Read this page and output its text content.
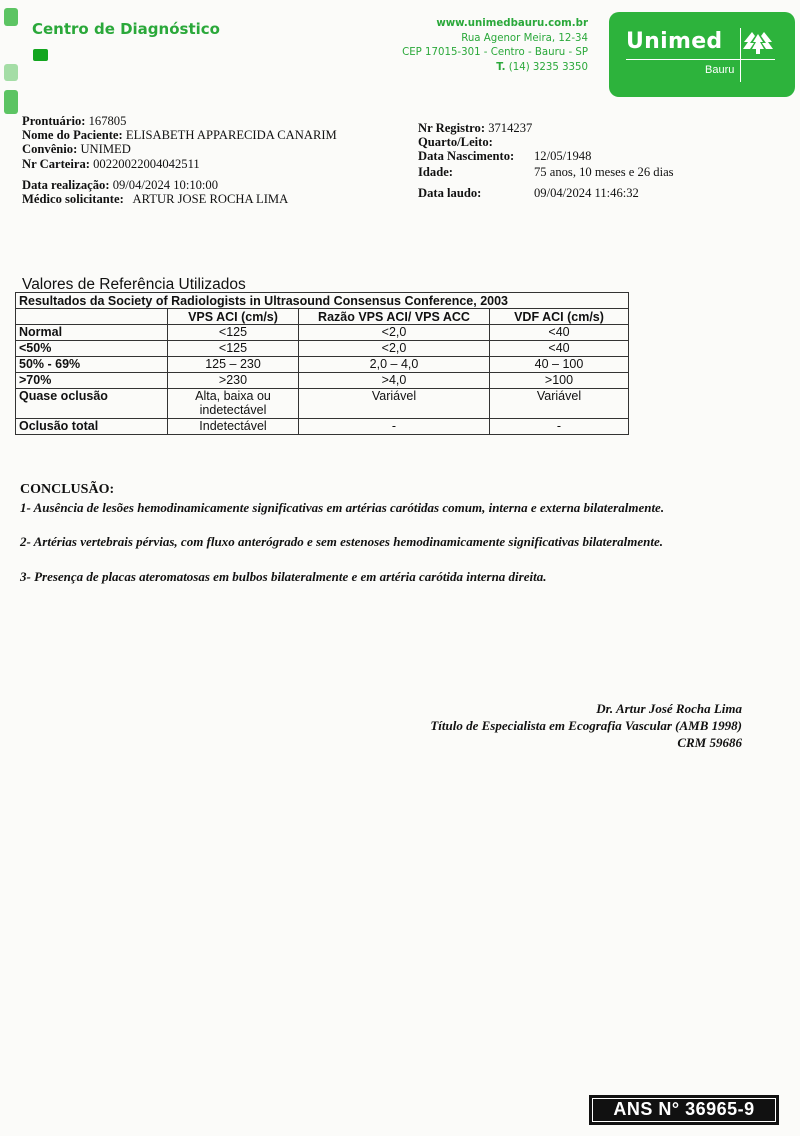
Centro de Diagnóstico	www.unimedbauru.com.br
Rua Agenor Meira, 12-34
CEP 17015-301 - Centro - Bauru - SP
T. (14) 3235 3350
Unimed
Bauru
Prontuário: 167805
Nome do Paciente: ELISABETH APPARECIDA CANARIM
Convênio: UNIMED
Nr Carteira: 00220022004042511
Data realização: 09/04/2024 10:10:00
Médico solicitante: ARTUR JOSE ROCHA LIMA
Nr Registro: 3714237
Quarto/Leito:
Data Nascimento: 12/05/1948
Idade:	75 anos, 10 meses e 26 dias
Data laudo:	09/04/2024 11:46:32
Valores de Referência Utilizados
Resultados da Society of Radiologists in Ultrasound Consensus Conference, 2003			
	VPS ACI (cm/s)	Razão VPS ACI/ VPS ACC	VDF ACI (cm/s)
Normal	<125	<2,0	<40
<50%	<125	<2,0	<40
50% - 69%	125 – 230	2,0 – 4,0	40 – 100
>70%	>230	>4,0	>100
Quase oclusão	Alta, baixa ou indetectável	Variável	Variável
Oclusão total	Indetectável	-	-
CONCLUSÃO:
1- Ausência de lesões hemodinamicamente significativas em artérias carótidas comum, interna e externa bilateralmente.
2- Artérias vertebrais pérvias, com fluxo anterógrado e sem estenoses hemodinamicamente significativas bilateralmente.
3- Presença de placas ateromatosas em bulbos bilateralmente e em artéria carótida interna direita.
Dr. Artur José Rocha Lima
Título de Especialista em Ecografia Vascular (AMB 1998)
CRM 59686
ANS N° 36965-9
